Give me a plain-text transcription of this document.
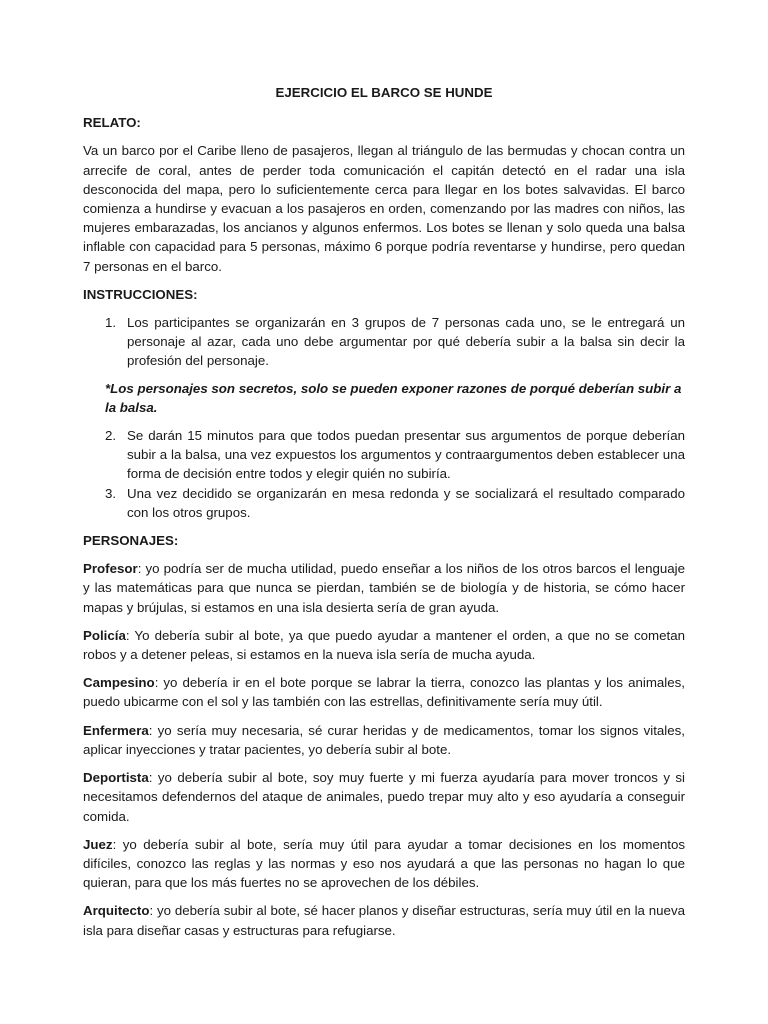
EJERCICIO EL BARCO SE HUNDE
RELATO:
Va un barco por el Caribe lleno de pasajeros, llegan al triángulo de las bermudas y chocan contra un arrecife de coral, antes de perder toda comunicación el capitán detectó en el radar una isla desconocida del mapa, pero lo suficientemente cerca para llegar en los botes salvavidas. El barco comienza a hundirse y evacuan a los pasajeros en orden, comenzando por las madres con niños, las mujeres embarazadas, los ancianos y algunos enfermos. Los botes se llenan y solo queda una balsa inflable con capacidad para 5 personas, máximo 6 porque podría reventarse y hundirse, pero quedan 7 personas en el barco.
INSTRUCCIONES:
1. Los participantes se organizarán en 3 grupos de 7 personas cada uno, se le entregará un personaje al azar, cada uno debe argumentar por qué debería subir a la balsa sin decir la profesión del personaje.
*Los personajes son secretos, solo se pueden exponer razones de porqué deberían subir a la balsa.
2. Se darán 15 minutos para que todos puedan presentar sus argumentos de porque deberían subir a la balsa, una vez expuestos los argumentos y contraargumentos deben establecer una forma de decisión entre todos y elegir quién no subiría.
3. Una vez decidido se organizarán en mesa redonda y se socializará el resultado comparado con los otros grupos.
PERSONAJES:
Profesor: yo podría ser de mucha utilidad, puedo enseñar a los niños de los otros barcos el lenguaje y las matemáticas para que nunca se pierdan, también se de biología y de historia, se cómo hacer mapas y brújulas, si estamos en una isla desierta sería de gran ayuda.
Policía: Yo debería subir al bote, ya que puedo ayudar a mantener el orden, a que no se cometan robos y a detener peleas, si estamos en la nueva isla sería de mucha ayuda.
Campesino: yo debería ir en el bote porque se labrar la tierra, conozco las plantas y los animales, puedo ubicarme con el sol y las también con las estrellas, definitivamente sería muy útil.
Enfermera: yo sería muy necesaria, sé curar heridas y de medicamentos, tomar los signos vitales, aplicar inyecciones y tratar pacientes, yo debería subir al bote.
Deportista: yo debería subir al bote, soy muy fuerte y mi fuerza ayudaría para mover troncos y si necesitamos defendernos del ataque de animales, puedo trepar muy alto y eso ayudaría a conseguir comida.
Juez: yo debería subir al bote, sería muy útil para ayudar a tomar decisiones en los momentos difíciles, conozco las reglas y las normas y eso nos ayudará a que las personas no hagan lo que quieran, para que los más fuertes no se aprovechen de los débiles.
Arquitecto: yo debería subir al bote, sé hacer planos y diseñar estructuras, sería muy útil en la nueva isla para diseñar casas y estructuras para refugiarse.
